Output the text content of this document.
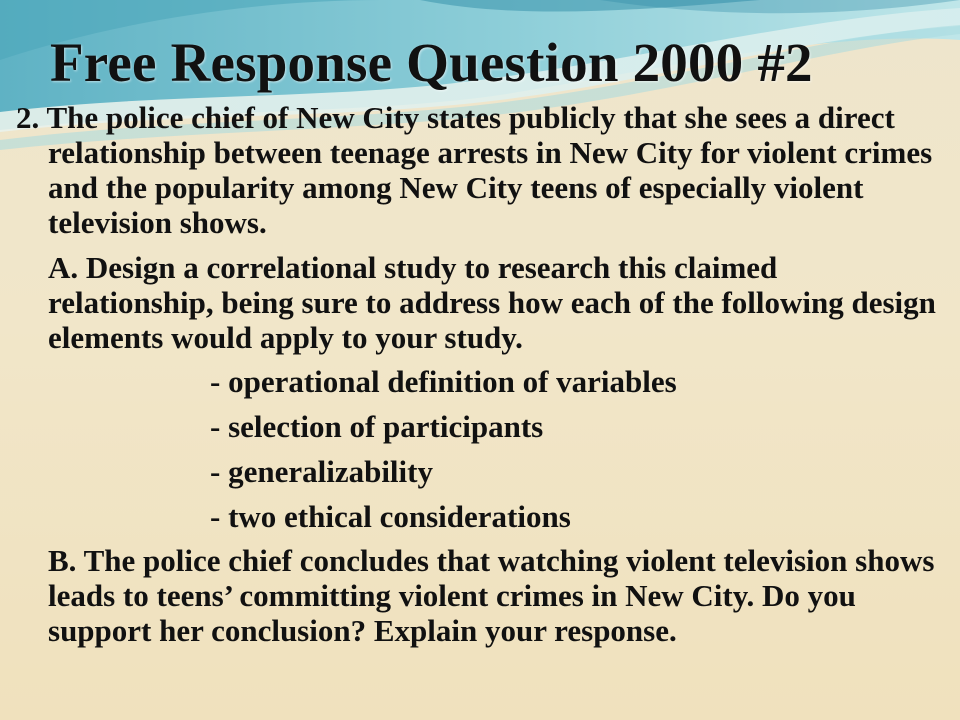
Free Response Question 2000 #2

2. The police chief of New City states publicly that she sees a direct relationship between teenage arrests in New City for violent crimes and the popularity among New City teens of especially violent television shows.

A. Design a correlational study to research this claimed relationship, being sure to address how each of the following design elements would apply to your study.

- operational definition of variables
- selection of participants
- generalizability
- two ethical considerations

B. The police chief concludes that watching violent television shows leads to teens’ committing violent crimes in New City. Do you support her conclusion? Explain your response.
